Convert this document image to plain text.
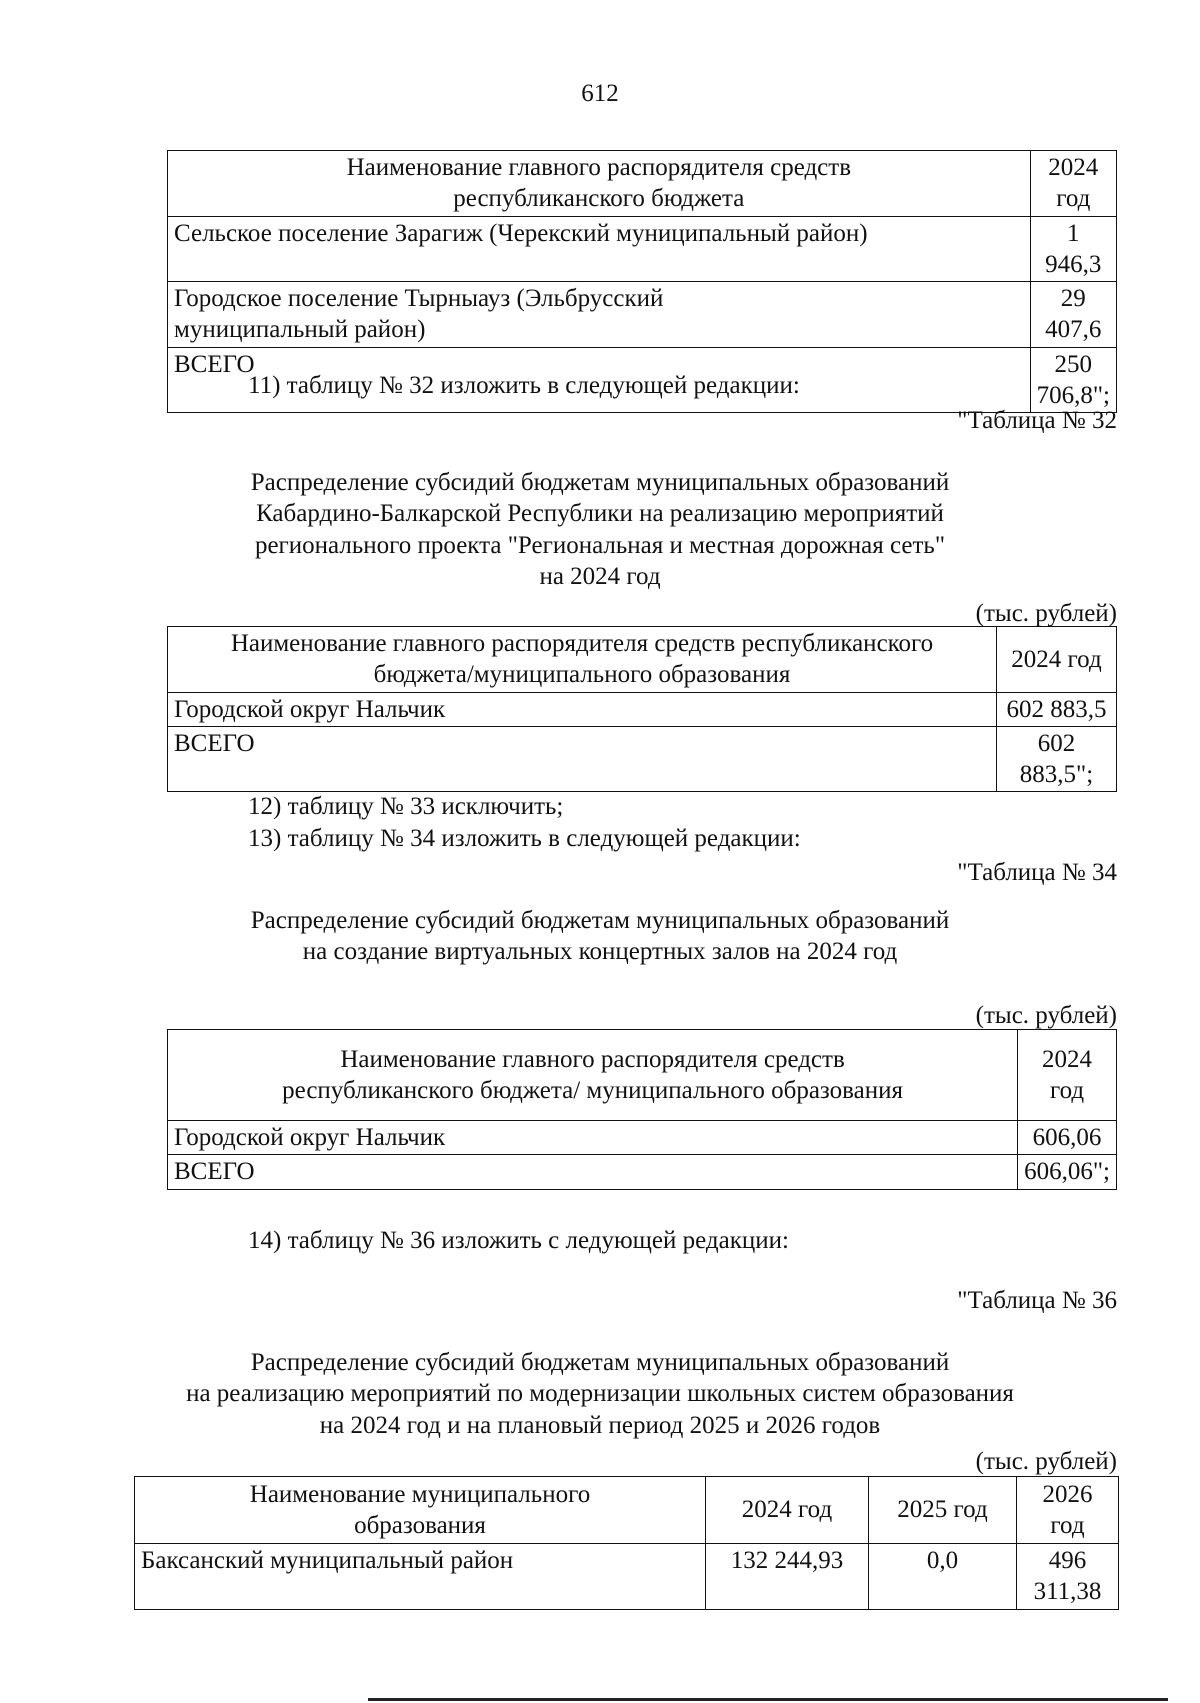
612
Наименование главного распорядителя средств республиканского бюджета	2024 год
Сельское поселение Зарагиж (Черекский муниципальный район)	1 946,3
Городское поселение Тырныауз (Эльбрусский муниципальный район)	29 407,6
ВСЕГО	250 706,8";
11) таблицу № 32 изложить в следующей редакции:
"Таблица № 32
Распределение субсидий бюджетам муниципальных образований
Кабардино-Балкарской Республики на реализацию мероприятий
регионального проекта "Региональная и местная дорожная сеть"
на 2024 год
(тыс. рублей)
Наименование главного распорядителя средств республиканского бюджета/муниципального образования	2024 год
Городской округ Нальчик	602 883,5
ВСЕГО	602 883,5";
12) таблицу № 33 исключить;
13) таблицу № 34 изложить в следующей редакции:
"Таблица № 34
Распределение субсидий бюджетам муниципальных образований
на создание виртуальных концертных залов на 2024 год
(тыс. рублей)
Наименование главного распорядителя средств республиканского бюджета/ муниципального образования	2024 год
Городской округ Нальчик	606,06
ВСЕГО	606,06";
14) таблицу № 36 изложить с ледующей редакции:
"Таблица № 36
Распределение субсидий бюджетам муниципальных образований
на реализацию мероприятий по модернизации школьных систем образования
на 2024 год и на плановый период 2025 и 2026 годов
(тыс. рублей)
Наименование муниципального образования	2024 год	2025 год	2026 год
Баксанский муниципальный район	132 244,93	0,0	496 311,38
